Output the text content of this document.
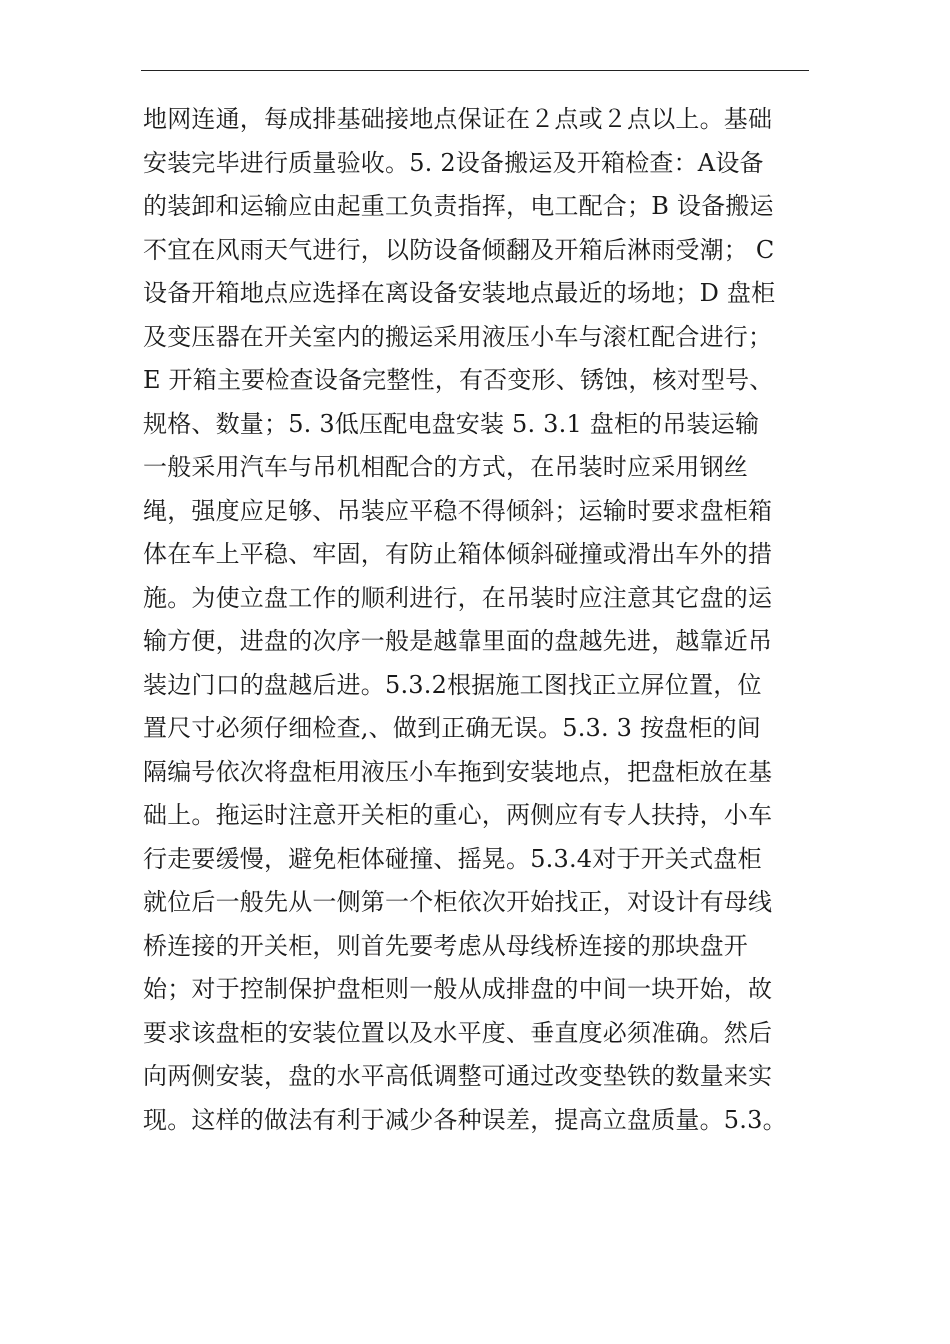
地网连通，每成排基础接地点保证在２点或２点以上。基础
安装完毕进行质量验收。5. 2设备搬运及开箱检查：A设备
的装卸和运输应由起重工负责指挥，电工配合；B 设备搬运
不宜在风雨天气进行，以防设备倾翻及开箱后淋雨受潮； C
设备开箱地点应选择在离设备安装地点最近的场地；D 盘柜
及变压器在开关室内的搬运采用液压小车与滚杠配合进行；
E 开箱主要检查设备完整性，有否变形、锈蚀，核对型号、
规格、数量；5. 3低压配电盘安装 5. 3.1 盘柜的吊装运输
一般采用汽车与吊机相配合的方式，在吊装时应采用钢丝
绳，强度应足够、吊装应平稳不得倾斜；运输时要求盘柜箱
体在车上平稳、牢固，有防止箱体倾斜碰撞或滑出车外的措
施。为使立盘工作的顺利进行，在吊装时应注意其它盘的运
输方便，进盘的次序一般是越靠里面的盘越先进，越靠近吊
装边门口的盘越后进。5.3.2根据施工图找正立屏位置，位
置尺寸必须仔细检查,、做到正确无误。5.3. 3 按盘柜的间
隔编号依次将盘柜用液压小车拖到安装地点，把盘柜放在基
础上。拖运时注意开关柜的重心，两侧应有专人扶持，小车
行走要缓慢，避免柜体碰撞、摇晃。5.3.4对于开关式盘柜
就位后一般先从一侧第一个柜依次开始找正，对设计有母线
桥连接的开关柜，则首先要考虑从母线桥连接的那块盘开
始；对于控制保护盘柜则一般从成排盘的中间一块开始，故
要求该盘柜的安装位置以及水平度、垂直度必须准确。然后
向两侧安装，盘的水平高低调整可通过改变垫铁的数量来实
现。这样的做法有利于减少各种误差，提高立盘质量。5.3。
